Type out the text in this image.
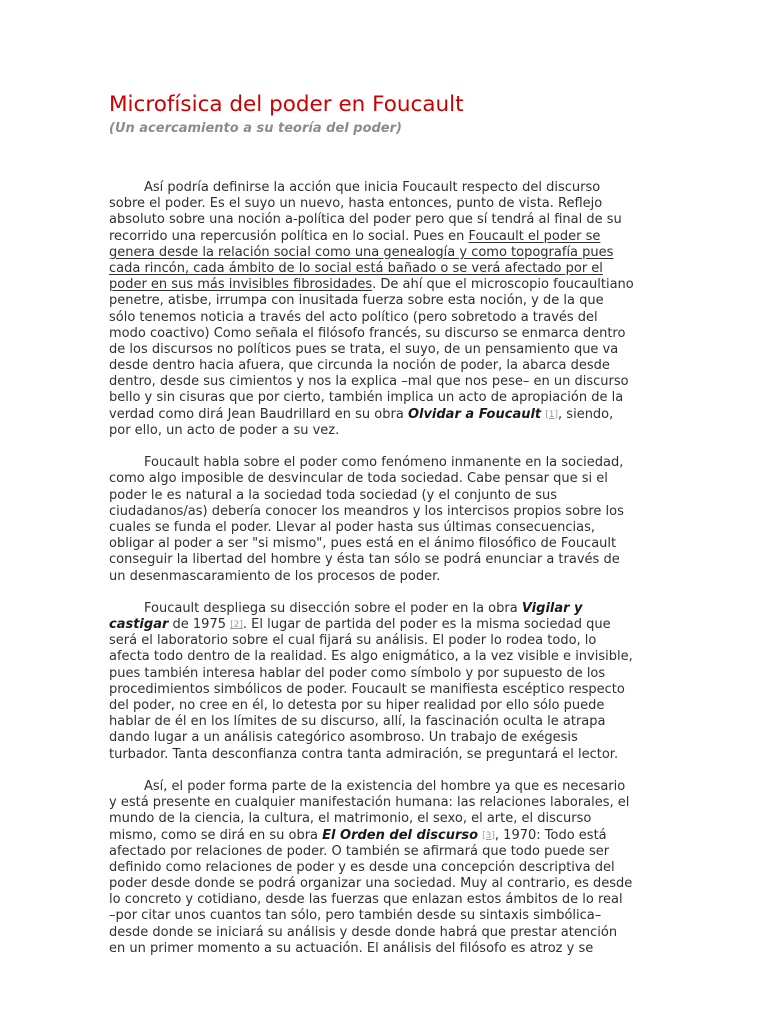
Microfísica del poder en Foucault
(Un acercamiento a su teoría del poder)
Así podría definirse la acción que inicia Foucault respecto del discurso
sobre el poder. Es el suyo un nuevo, hasta entonces, punto de vista. Reflejo
absoluto sobre una noción a-política del poder pero que sí tendrá al final de su
recorrido una repercusión política en lo social. Pues en Foucault el poder se
genera desde la relación social como una genealogía y como topografía pues
cada rincón, cada ámbito de lo social está bañado o se verá afectado por el
poder en sus más invisibles fibrosidades. De ahí que el microscopio foucaultiano
penetre, atisbe, irrumpa con inusitada fuerza sobre esta noción, y de la que
sólo tenemos noticia a través del acto político (pero sobretodo a través del
modo coactivo) Como señala el filósofo francés, su discurso se enmarca dentro
de los discursos no políticos pues se trata, el suyo, de un pensamiento que va
desde dentro hacia afuera, que circunda la noción de poder, la abarca desde
dentro, desde sus cimientos y nos la explica –mal que nos pese– en un discurso
bello y sin cisuras que por cierto, también implica un acto de apropiación de la
verdad como dirá Jean Baudrillard en su obra Olvidar a Foucault [1], siendo,
por ello, un acto de poder a su vez.
Foucault habla sobre el poder como fenómeno inmanente en la sociedad,
como algo imposible de desvincular de toda sociedad. Cabe pensar que si el
poder le es natural a la sociedad toda sociedad (y el conjunto de sus
ciudadanos/as) debería conocer los meandros y los intercisos propios sobre los
cuales se funda el poder. Llevar al poder hasta sus últimas consecuencias,
obligar al poder a ser "si mismo", pues está en el ánimo filosófico de Foucault
conseguir la libertad del hombre y ésta tan sólo se podrá enunciar a través de
un desenmascaramiento de los procesos de poder.
Foucault despliega su disección sobre el poder en la obra Vigilar y
castigar de 1975 [2]. El lugar de partida del poder es la misma sociedad que
será el laboratorio sobre el cual fijará su análisis. El poder lo rodea todo, lo
afecta todo dentro de la realidad. Es algo enigmático, a la vez visible e invisible,
pues también interesa hablar del poder como símbolo y por supuesto de los
procedimientos simbólicos de poder. Foucault se manifiesta escéptico respecto
del poder, no cree en él, lo detesta por su hiper realidad por ello sólo puede
hablar de él en los límites de su discurso, allí, la fascinación oculta le atrapa
dando lugar a un análisis categórico asombroso. Un trabajo de exégesis
turbador. Tanta desconfianza contra tanta admiración, se preguntará el lector.
Así, el poder forma parte de la existencia del hombre ya que es necesario
y está presente en cualquier manifestación humana: las relaciones laborales, el
mundo de la ciencia, la cultura, el matrimonio, el sexo, el arte, el discurso
mismo, como se dirá en su obra El Orden del discurso [3], 1970: Todo está
afectado por relaciones de poder. O también se afirmará que todo puede ser
definido como relaciones de poder y es desde una concepción descriptiva del
poder desde donde se podrá organizar una sociedad. Muy al contrario, es desde
lo concreto y cotidiano, desde las fuerzas que enlazan estos ámbitos de lo real
–por citar unos cuantos tan sólo, pero también desde su sintaxis simbólica–
desde donde se iniciará su análisis y desde donde habrá que prestar atención
en un primer momento a su actuación. El análisis del filósofo es atroz y se
